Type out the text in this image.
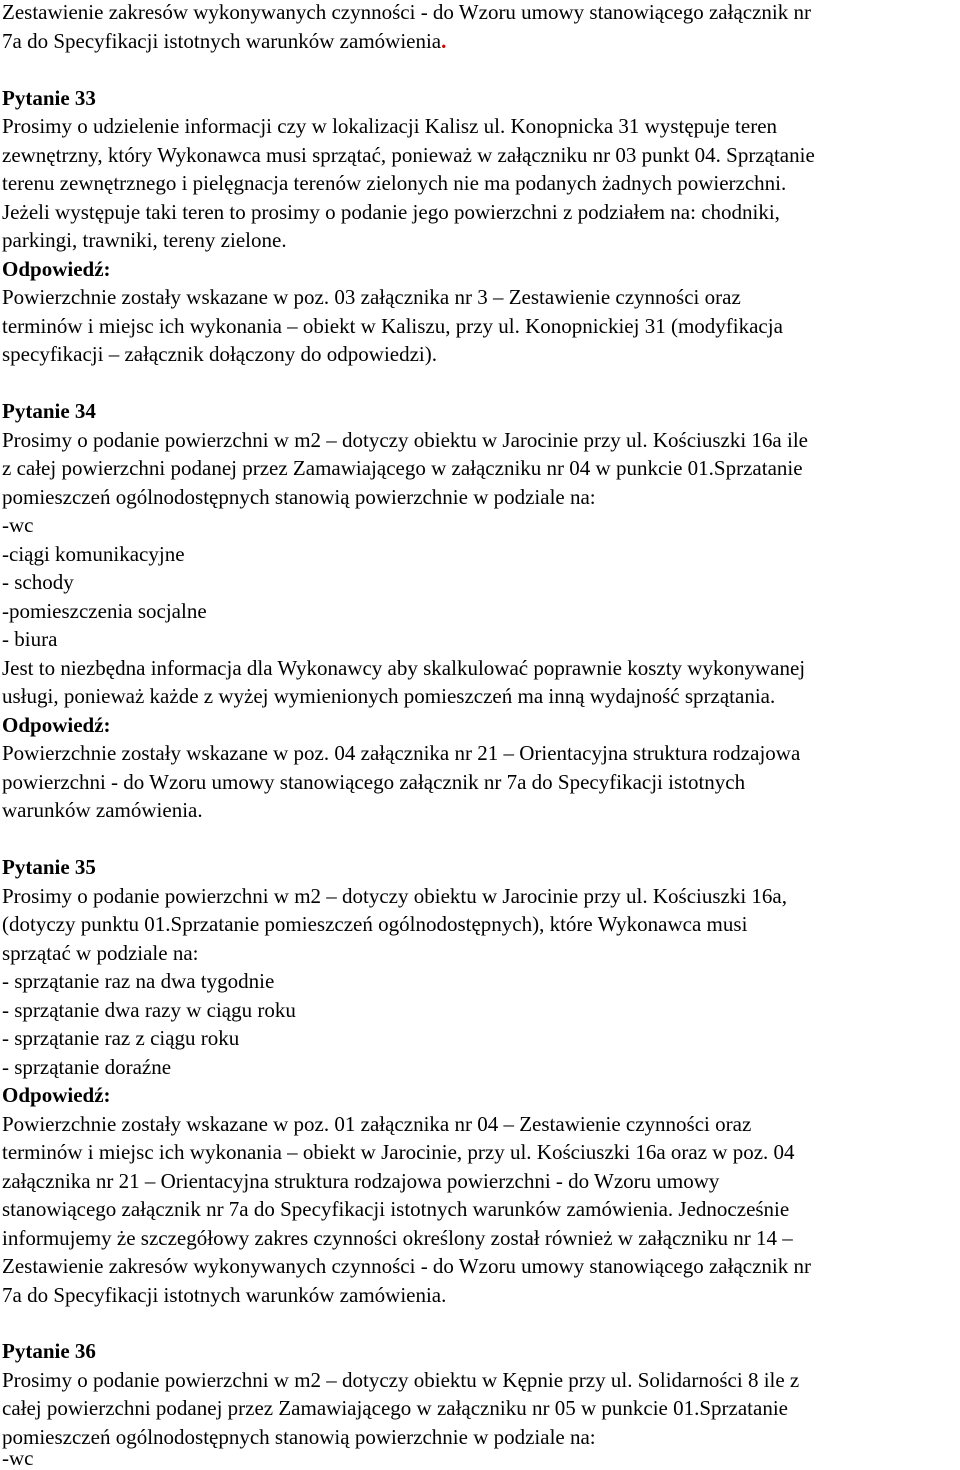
Zestawienie zakresów wykonywanych czynności - do Wzoru umowy stanowiącego załącznik nr

7a do Specyfikacji istotnych warunków zamówienia.

Pytanie 33

Prosimy o udzielenie informacji czy w lokalizacji Kalisz ul. Konopnicka 31 występuje teren

zewnętrzny, który Wykonawca musi sprzątać, ponieważ w załączniku nr 03 punkt 04. Sprzątanie

terenu zewnętrznego i pielęgnacja terenów zielonych nie ma podanych żadnych powierzchni.

Jeżeli występuje taki teren to prosimy o podanie jego powierzchni z podziałem na: chodniki,

parkingi, trawniki, tereny zielone.

Odpowiedź:

Powierzchnie zostały wskazane w poz. 03 załącznika nr 3 – Zestawienie czynności oraz

terminów i miejsc ich wykonania – obiekt w Kaliszu, przy ul. Konopnickiej 31 (modyfikacja

specyfikacji – załącznik dołączony do odpowiedzi).

Pytanie 34

Prosimy o podanie powierzchni w m2 – dotyczy obiektu w Jarocinie przy ul. Kościuszki 16a ile

z całej powierzchni podanej przez Zamawiającego w załączniku nr 04 w punkcie 01.Sprzatanie

pomieszczeń ogólnodostępnych stanowią powierzchnie w podziale na:

-wc

-ciągi komunikacyjne

- schody

-pomieszczenia socjalne

- biura

Jest to niezbędna informacja dla Wykonawcy aby skalkulować poprawnie koszty wykonywanej

usługi, ponieważ każde z wyżej wymienionych pomieszczeń ma inną wydajność sprzątania.

Odpowiedź:

Powierzchnie zostały wskazane w poz. 04 załącznika nr 21 – Orientacyjna struktura rodzajowa

powierzchni - do Wzoru umowy stanowiącego załącznik nr 7a do Specyfikacji istotnych

warunków zamówienia.

Pytanie 35

Prosimy o podanie powierzchni w m2 – dotyczy obiektu w Jarocinie przy ul. Kościuszki 16a,

(dotyczy punktu 01.Sprzatanie pomieszczeń ogólnodostępnych), które Wykonawca musi

sprzątać w podziale na:

- sprzątanie raz na dwa tygodnie

- sprzątanie dwa razy w ciągu roku

- sprzątanie raz z ciągu roku

- sprzątanie doraźne

Odpowiedź:

Powierzchnie zostały wskazane w poz. 01 załącznika nr 04 – Zestawienie czynności oraz

terminów i miejsc ich wykonania – obiekt w Jarocinie, przy ul. Kościuszki 16a oraz w poz. 04

załącznika nr 21 – Orientacyjna struktura rodzajowa powierzchni - do Wzoru umowy

stanowiącego załącznik nr 7a do Specyfikacji istotnych warunków zamówienia. Jednocześnie

informujemy że szczegółowy zakres czynności określony został również w załączniku nr 14 –

Zestawienie zakresów wykonywanych czynności - do Wzoru umowy stanowiącego załącznik nr

7a do Specyfikacji istotnych warunków zamówienia.

Pytanie 36

Prosimy o podanie powierzchni w m2 – dotyczy obiektu w Kępnie przy ul. Solidarności 8 ile z

całej powierzchni podanej przez Zamawiającego w załączniku nr 05 w punkcie 01.Sprzatanie

pomieszczeń ogólnodostępnych stanowią powierzchnie w podziale na:

-wc
